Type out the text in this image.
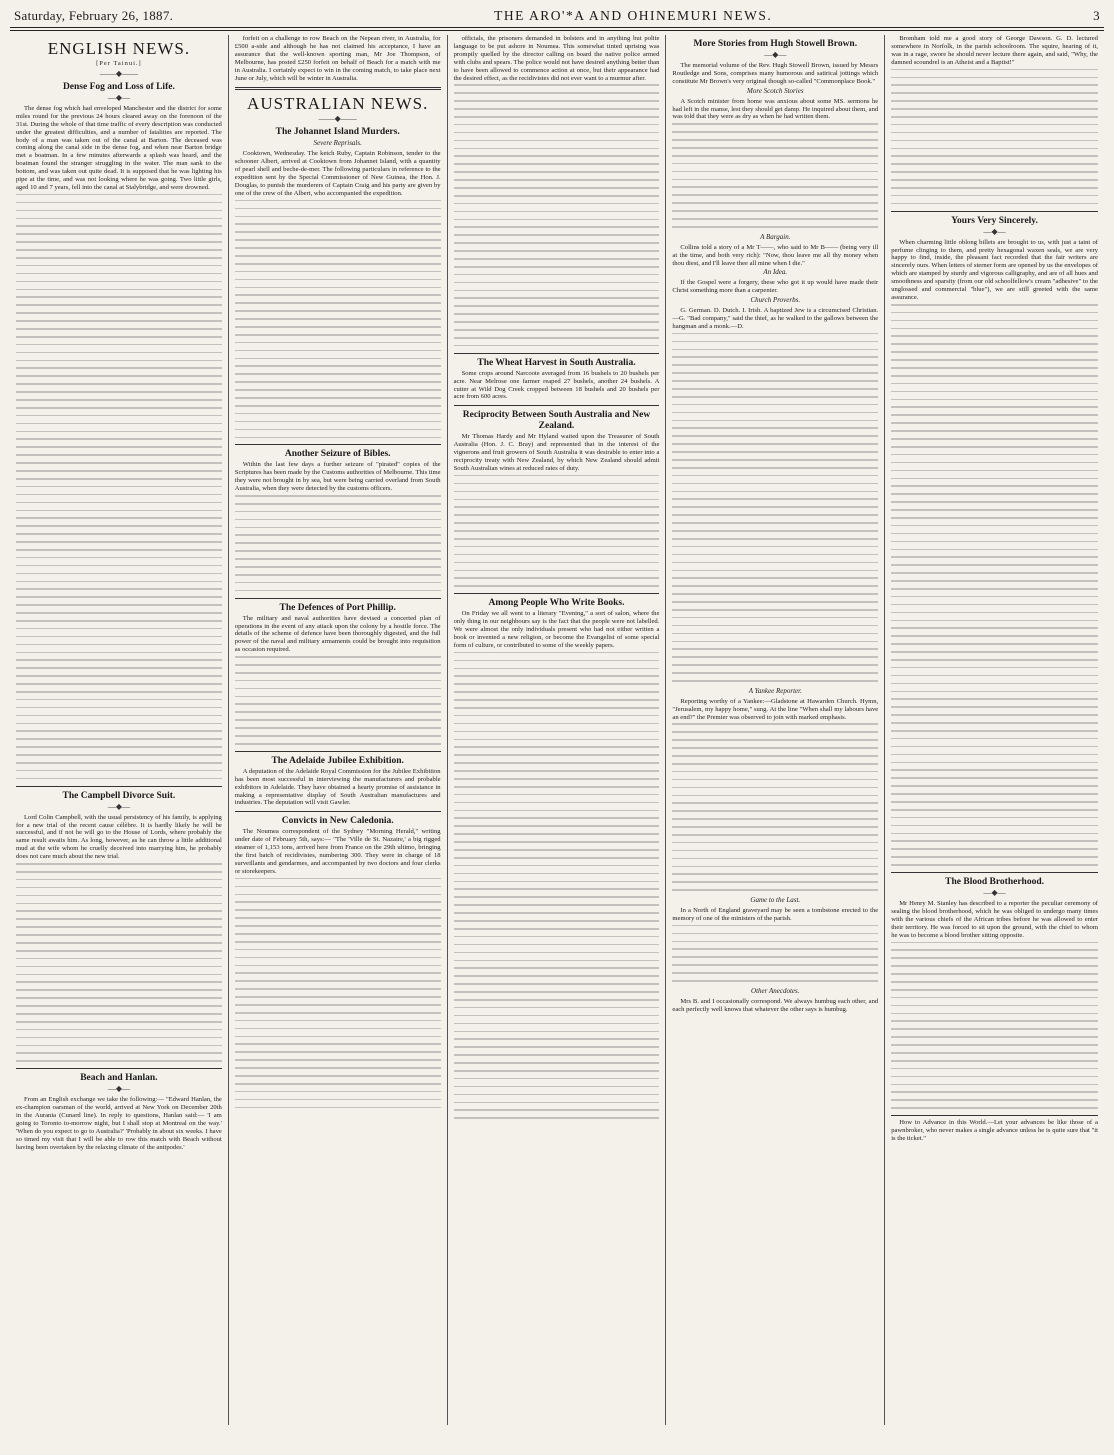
Saturday, February 26, 1887.	THE ARO'*A AND OHINEMURI NEWS.	3
ENGLISH NEWS.
[Per Tainui.]
——◆——
Dense Fog and Loss of Life.
—◆—

The dense fog which had enveloped Manchester and the district for some miles round for the previous 24 hours cleared away on the forenoon of the 31st. During the whole of that time traffic of every description was conducted under the greatest difficulties, and a number of fatalities are reported. The body of a man was taken out of the canal at Barton. The deceased was coming along the canal side in the dense fog, and when near Barton bridge met a boatman. In a few minutes afterwards a splash was heard, and the boatman found the stranger struggling in the water. The man sank to the bottom, and was taken out quite dead. It is supposed that he was lighting his pipe at the time, and was not looking where he was going. Two little girls, aged 10 and 7 years, fell into the canal at Stalybridge, and were drowned.

The Campbell Divorce Suit.
—◆—

Lord Colin Campbell, with the usual persistency of his family, is applying for a new trial of the recent cause célèbre. It is hardly likely he will be successful, and if not he will go to the House of Lords, where probably the same result awaits him. As long, however, as he can throw a little additional mud at the wife whom he cruelly deceived into marrying him, he probably does not care much about the new trial.

Beach and Hanlan.
—◆—

From an English exchange we take the following:— "Edward Hanlan, the ex-champion oarsman of the world, arrived at New York on December 20th in the Aurania (Cunard line). In reply to questions, Hanlan said:— 'I am going to Toronto to-morrow night, but I shall stop at Montreal on the way.' 'When do you expect to go to Australia?' 'Probably in about six weeks. I have so timed my visit that I will be able to row this match with Beach without having been overtaken by the relaxing climate of the antipodes.'

forfeit on a challenge to row Beach on the Nepean river, in Australia, for £500 a-side and although he has not claimed his acceptance, I have an assurance that the well-known sporting man, Mr Joe Thompson, of Melbourne, has posted £250 forfeit on behalf of Beach for a match with me in Australia. I certainly expect to win in the coming match, to take place next June or July, which will be winter in Australia.

AUSTRALIAN NEWS.
——◆——
The Johannet Island Murders.
Severe Reprisals.

Cooktown, Wednesday. The ketch Ruby, Captain Robinson, tender to the schooner Albert, arrived at Cooktown from Johannet Island, with a quantity of pearl shell and beche-de-mer. The following particulars in reference to the expedition sent by the Special Commissioner of New Guinea, the Hon. J. Douglas, to punish the murderers of Captain Craig and his party are given by one of the crew of the Albert, who accompanied the expedition.

Another Seizure of Bibles.

Within the last few days a further seizure of "pirated" copies of the Scriptures has been made by the Customs authorities of Melbourne. This time they were not brought in by sea, but were being carried overland from South Australia, when they were detected by the customs officers.

The Defences of Port Phillip.

The military and naval authorities have devised a concerted plan of operations in the event of any attack upon the colony by a hostile force. The details of the scheme of defence have been thoroughly digested, and the full power of the naval and military armaments could be brought into requisition as occasion required.

The Adelaide Jubilee Exhibition.

A deputation of the Adelaide Royal Commission for the Jubilee Exhibition has been most successful in interviewing the manufacturers and probable exhibitors in Adelaide. They have obtained a hearty promise of assistance in making a representative display of South Australian manufactures and industries. The deputation will visit Gawler.

Convicts in New Caledonia.

The Noumea correspondent of the Sydney "Morning Herald," writing under date of February 5th, says:— "The 'Ville de St. Nazaire,' a big rigged steamer of 1,153 tons, arrived here from France on the 29th ultimo, bringing the first batch of recidivistes, numbering 300. They were in charge of 18 surveillants and gendarmes, and accompanied by two doctors and four clerks or storekeepers.

officials, the prisoners demanded in bolsters and in anything but polite language to be put ashore in Noumea. This somewhat tinted uprising was promptly quelled by the director calling on board the native police armed with clubs and spears. The police would not have desired anything better than to have been allowed to commence action at once, but their appearance had the desired effect, as the recidivistes did not ever want to a murmur after.

The Wheat Harvest in South Australia.

Some crops around Narcoote averaged from 16 bushels to 20 bushels per acre. Near Melrose one farmer reaped 27 bushels, another 24 bushels. A cutter at Wild Dog Creek cropped between 18 bushels and 20 bushels per acre from 600 acres.

Reciprocity Between South Australia and New Zealand.

Mr Thomas Hardy and Mr Hyland waited upon the Treasurer of South Australia (Hon. J. C. Bray) and represented that in the interest of the vignerons and fruit growers of South Australia it was desirable to enter into a reciprocity treaty with New Zealand, by which New Zealand should admit South Australian wines at reduced rates of duty.

Among People Who Write Books.

On Friday we all went to a literary "Evening," a sort of salon, where the only thing in our neighbours say is the fact that the people were not labelled. We were almost the only individuals present who had not either written a book or invented a new religion, or become the Evangelist of some special form of culture, or contributed to some of the weekly papers.

More Stories from Hugh Stowell Brown.
—◆—

The memorial volume of the Rev. Hugh Stowell Brown, issued by Messrs Routledge and Sons, comprises many humorous and satirical jottings which constitute Mr Brown's very original though so-called "Commonplace Book."

More Scotch Stories

A Scotch minister from home was anxious about some MS. sermons he had left in the manse, lest they should get damp. He inquired about them, and was told that they were as dry as when he had written them.

A Bargain.

Collins told a story of a Mr T——, who said to Mr B—— (being very ill at the time, and both very rich): "Now, thou leave me all thy money when thou diest, and I'll leave thee all mine when I die."

An Idea.

If the Gospel were a forgery, these who got it up would have made their Christ something more than a carpenter.

Church Proverbs.

G. German. D. Dutch. I. Irish. A baptized Jew is a circumcised Christian.—G. "Bad company," said the thief, as he walked to the gallows between the hangman and a monk.—D.

A Yankee Reporter.

Reporting worthy of a Yankee:—Gladstone at Hawarden Church. Hymn, "Jerusalem, my happy home," sung. At the line "When shall my labours have an end?" the Premier was observed to join with marked emphasis.

Game to the Last.

In a North of England graveyard may be seen a tombstone erected to the memory of one of the ministers of the parish.

Other Anecdotes.

Mrs B. and I occasionally correspond. We always humbug each other, and each perfectly well knows that whatever the other says is humbug.

Bromham told me a good story of George Dawson. G. D. lectured somewhere in Norfolk, in the parish schoolroom. The squire, hearing of it, was in a rage, swore he should never lecture there again, and said, "Why, the damned scoundrel is an Atheist and a Baptist!"

Yours Very Sincerely.
—◆—

When charming little oblong billets are brought to us, with just a taint of perfume clinging to them, and pretty hexagonal waxen seals, we are very happy to find, inside, the pleasant fact recorded that the fair writers are sincerely ours. When letters of sterner form are opened by us the envelopes of which are stamped by sturdy and vigorous calligraphy, and are of all hues and smoothness and sparsity (from our old schoolfellow's cream "adhesive" to the unglossed and commercial "blue"), we are still greeted with the same assurance.

The Blood Brotherhood.
—◆—

Mr Henry M. Stanley has described to a reporter the peculiar ceremony of sealing the blood brotherhood, which he was obliged to undergo many times with the various chiefs of the African tribes before he was allowed to enter their territory. He was forced to sit upon the ground, with the chief to whom he was to become a blood brother sitting opposite.

How to Advance in this World.—Let your advances be like those of a pawnbroker, who never makes a single advance unless he is quite sure that "it is the ticket."
